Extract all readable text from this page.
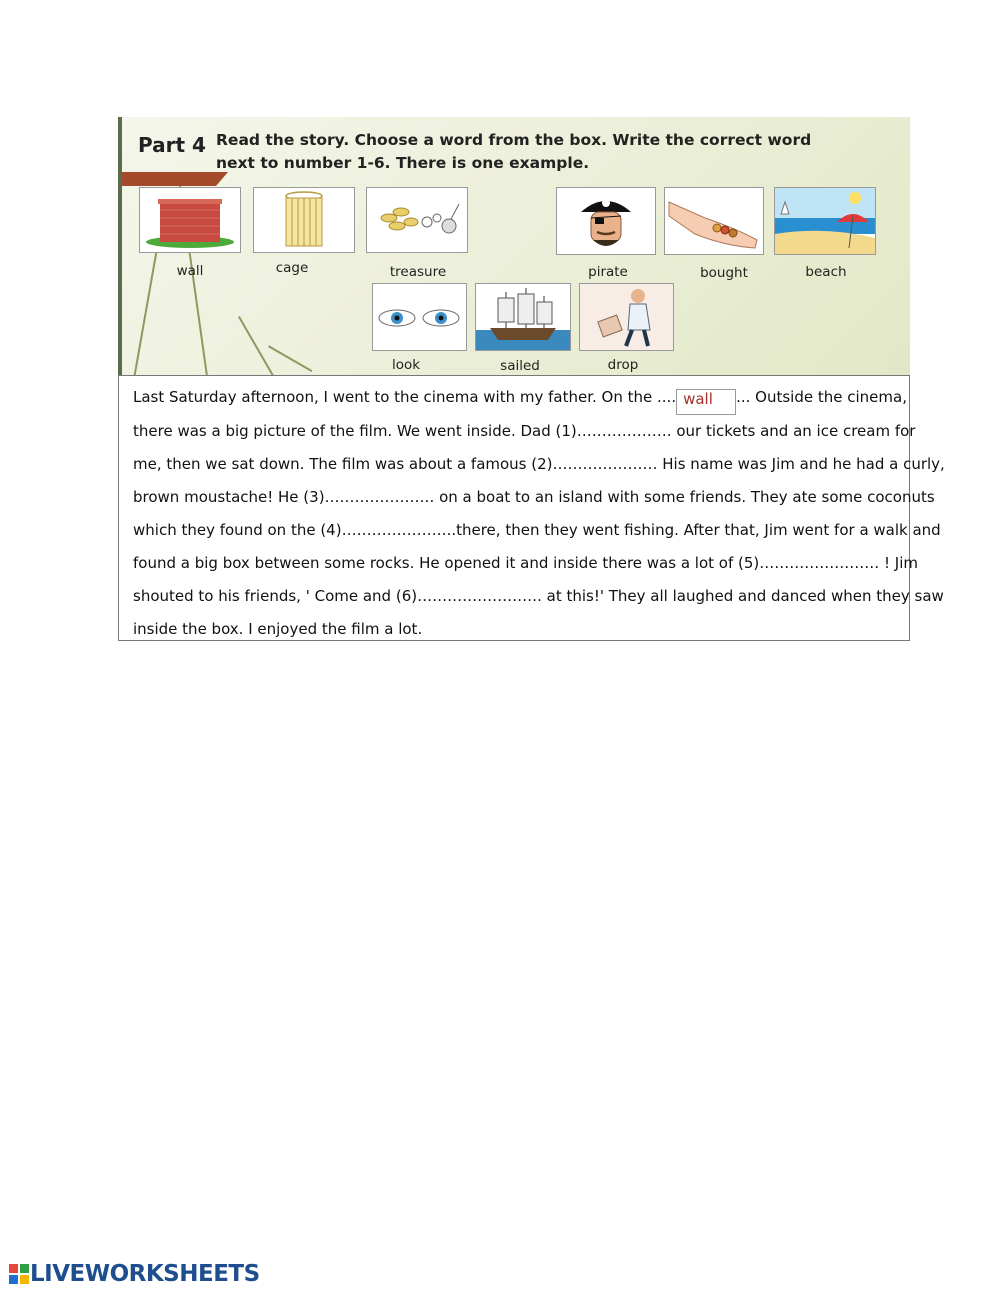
Part 4 Read the story. Choose a word from the box. Write the correct word
next to number 1-6. There is one example.
wall	cage	treasure	pirate	bought	beach
look	sailed	drop
Last Saturday afternoon, I went to the cinema with my father. On the .... wall ... Outside the cinema,
there was a big picture of the film. We went inside. Dad (1)………………. our tickets and an ice cream for
me, then we sat down. The film was about a famous (2)………………… His name was Jim and he had a curly,
brown moustache! He (3)…………………. on a boat to an island with some friends. They ate some coconuts
which they found on the (4)…………………..there, then they went fishing. After that, Jim went for a walk and
found a big box between some rocks. He opened it and inside there was a lot of (5)…………………… ! Jim
shouted to his friends, ' Come and (6)……………………. at this!' They all laughed and danced when they saw
inside the box. I enjoyed the film a lot.
LIVEWORKSHEETS
